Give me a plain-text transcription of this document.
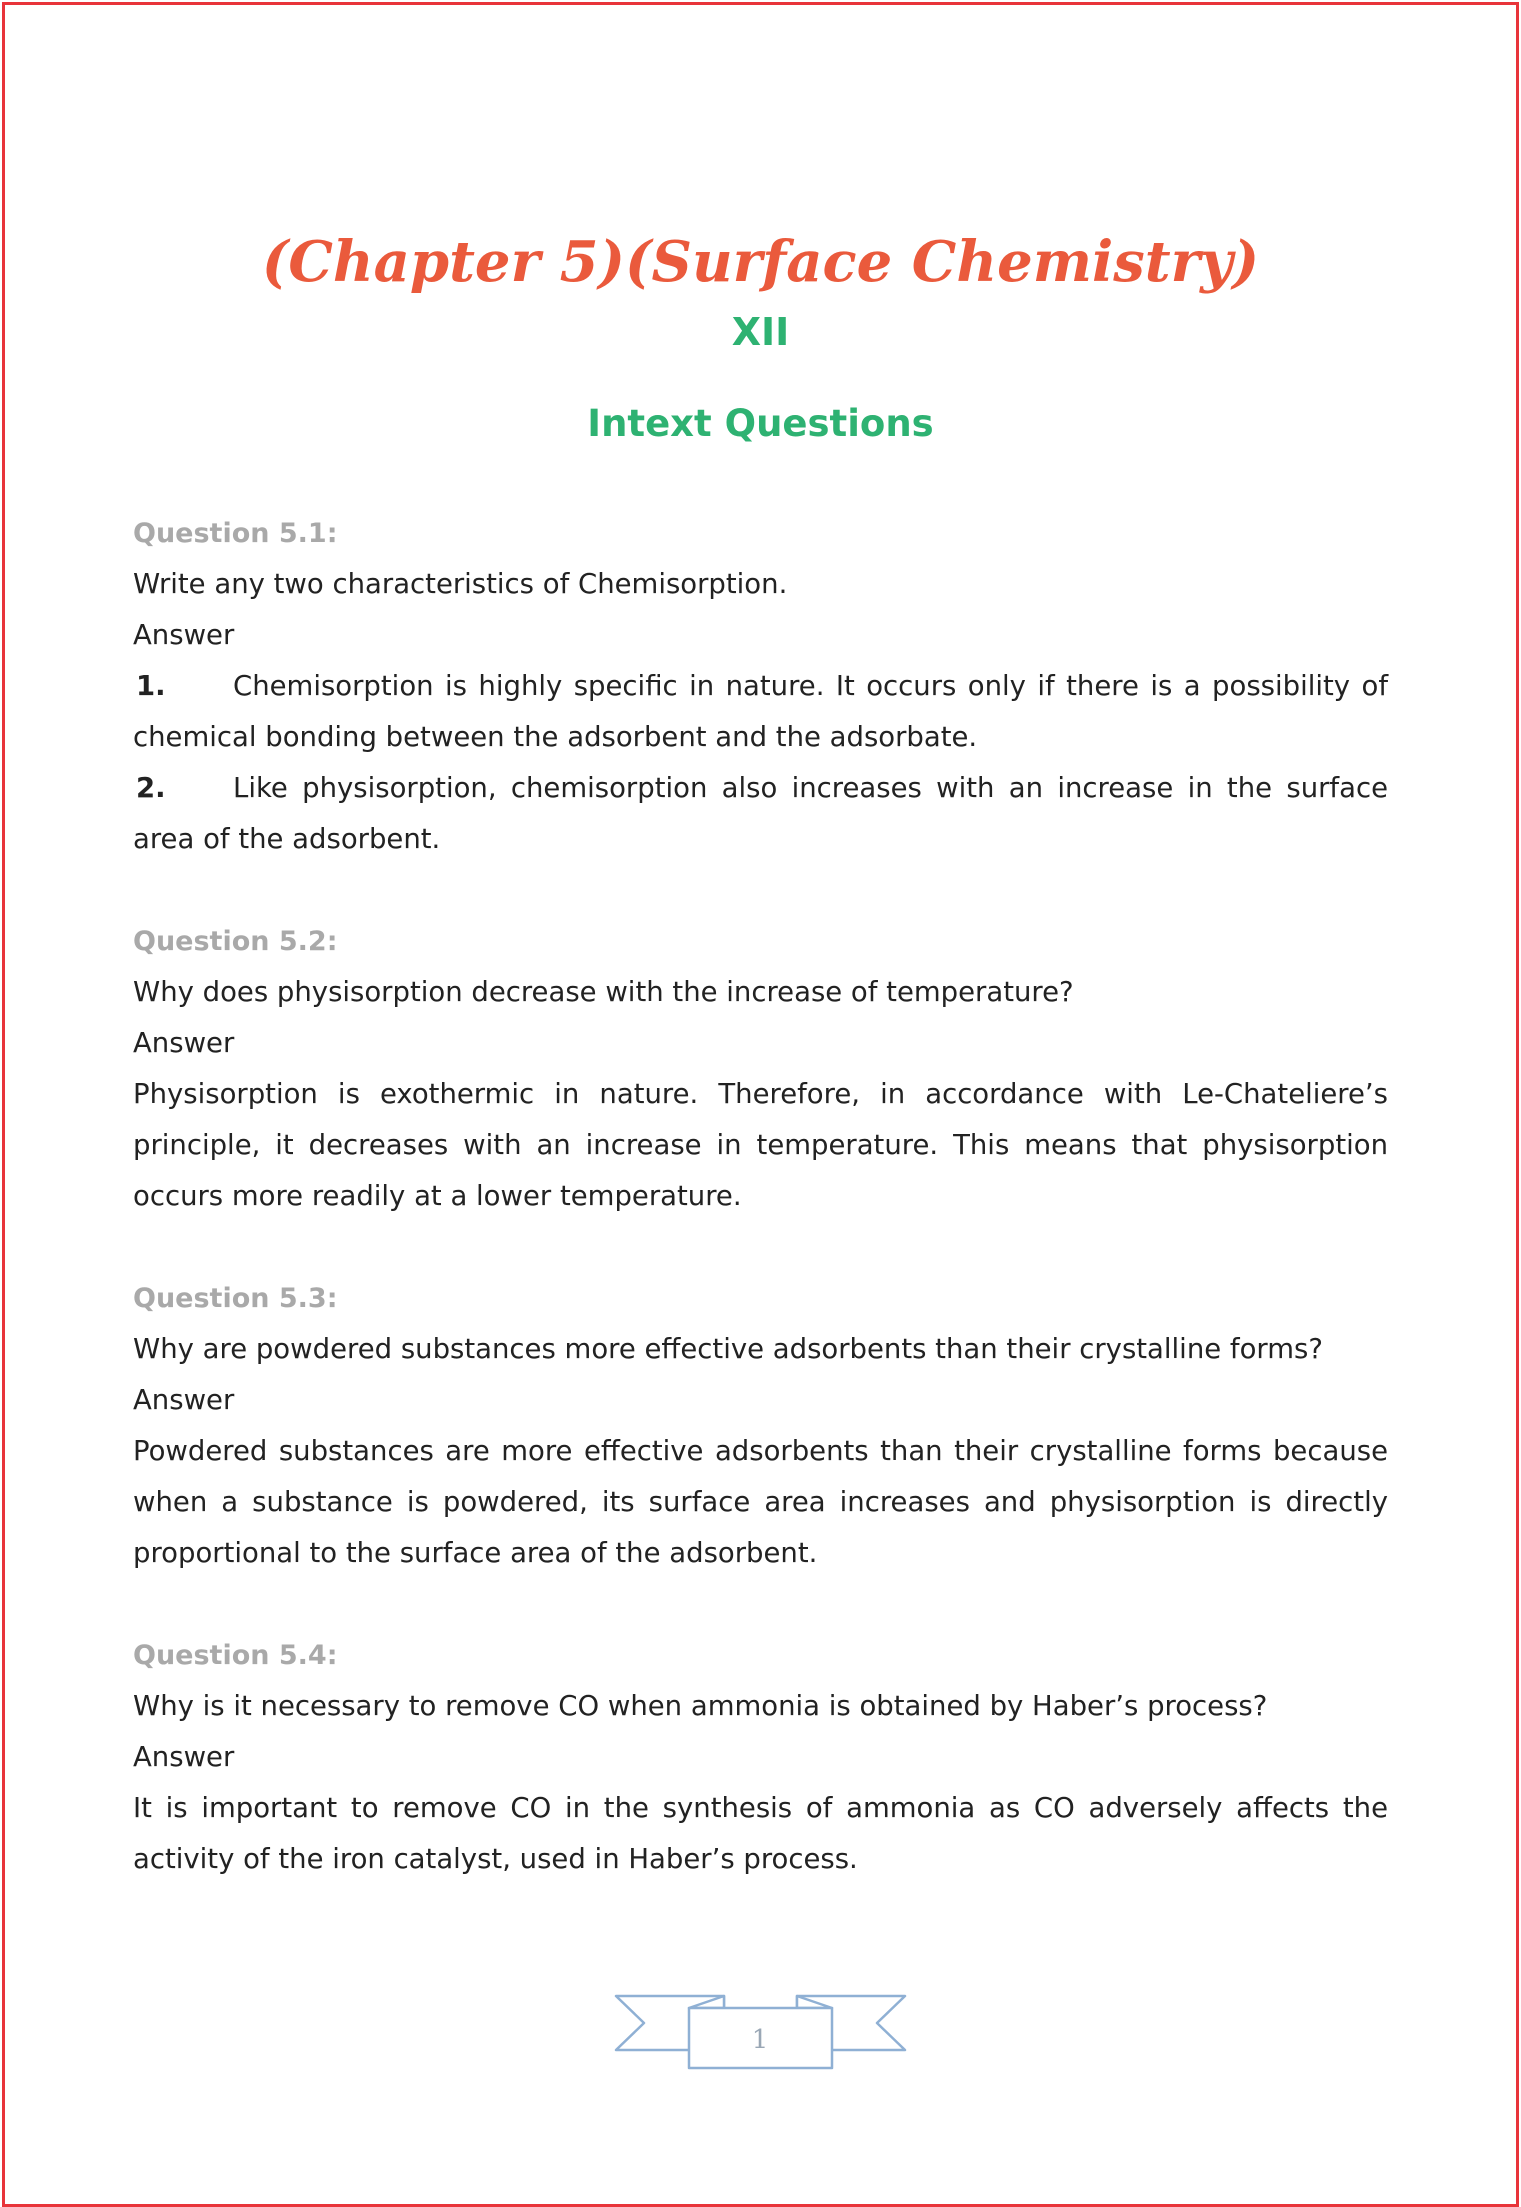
(Chapter 5)(Surface Chemistry)
XII
Intext Questions
Question 5.1:
Write any two characteristics of Chemisorption.
Answer
1. Chemisorption is highly specific in nature. It occurs only if there is a possibility of chemical bonding between the adsorbent and the adsorbate.
2. Like physisorption, chemisorption also increases with an increase in the surface area of the adsorbent.
Question 5.2:
Why does physisorption decrease with the increase of temperature?
Answer
Physisorption is exothermic in nature. Therefore, in accordance with Le-Chateliere’s principle, it decreases with an increase in temperature. This means that physisorption occurs more readily at a lower temperature.
Question 5.3:
Why are powdered substances more effective adsorbents than their crystalline forms?
Answer
Powdered substances are more effective adsorbents than their crystalline forms because when a substance is powdered, its surface area increases and physisorption is directly proportional to the surface area of the adsorbent.
Question 5.4:
Why is it necessary to remove CO when ammonia is obtained by Haber’s process?
Answer
It is important to remove CO in the synthesis of ammonia as CO adversely affects the activity of the iron catalyst, used in Haber’s process.
1
